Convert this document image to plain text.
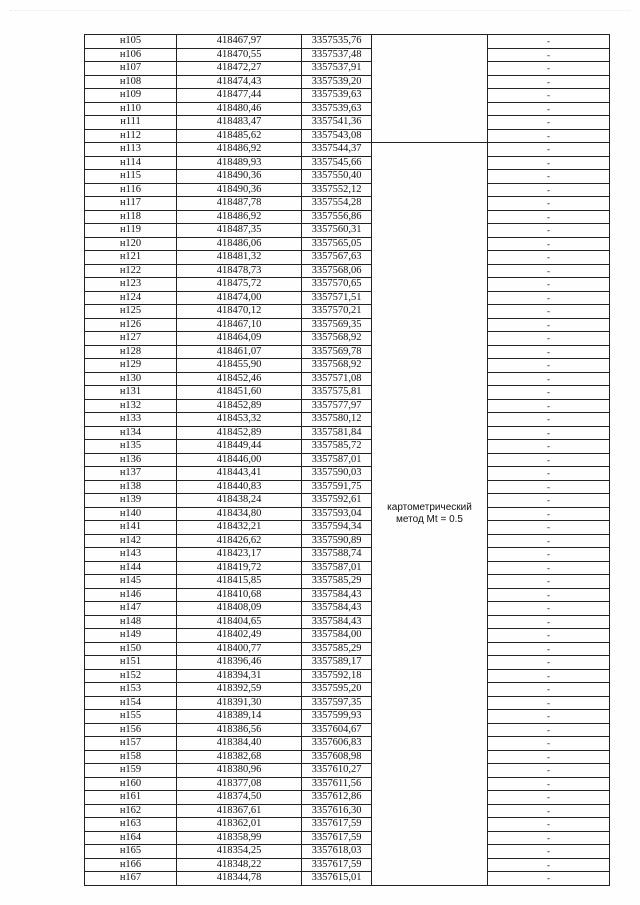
н105	418467,97	3357535,76		-
н106	418470,55	3357537,48		-
н107	418472,27	3357537,91		-
н108	418474,43	3357539,20		-
н109	418477,44	3357539,63		-
н110	418480,46	3357539,63		-
н111	418483,47	3357541,36		-
н112	418485,62	3357543,08		-
н113	418486,92	3357544,37	картометрический
метод Mt = 0.5	-
н114	418489,93	3357545,66		-
н115	418490,36	3357550,40		-
н116	418490,36	3357552,12		-
н117	418487,78	3357554,28		-
н118	418486,92	3357556,86		-
н119	418487,35	3357560,31		-
н120	418486,06	3357565,05		-
н121	418481,32	3357567,63		-
н122	418478,73	3357568,06		-
н123	418475,72	3357570,65		-
н124	418474,00	3357571,51		-
н125	418470,12	3357570,21		-
н126	418467,10	3357569,35		-
н127	418464,09	3357568,92		-
н128	418461,07	3357569,78		-
н129	418455,90	3357568,92		-
н130	418452,46	3357571,08		-
н131	418451,60	3357575,81		-
н132	418452,89	3357577,97		-
н133	418453,32	3357580,12		-
н134	418452,89	3357581,84		-
н135	418449,44	3357585,72		-
н136	418446,00	3357587,01		-
н137	418443,41	3357590,03		-
н138	418440,83	3357591,75		-
н139	418438,24	3357592,61		-
н140	418434,80	3357593,04		-
н141	418432,21	3357594,34		-
н142	418426,62	3357590,89		-
н143	418423,17	3357588,74		-
н144	418419,72	3357587,01		-
н145	418415,85	3357585,29		-
н146	418410,68	3357584,43		-
н147	418408,09	3357584,43		-
н148	418404,65	3357584,43		-
н149	418402,49	3357584,00		-
н150	418400,77	3357585,29		-
н151	418396,46	3357589,17		-
н152	418394,31	3357592,18		-
н153	418392,59	3357595,20		-
н154	418391,30	3357597,35		-
н155	418389,14	3357599,93		-
н156	418386,56	3357604,67		-
н157	418384,40	3357606,83		-
н158	418382,68	3357608,98		-
н159	418380,96	3357610,27		-
н160	418377,08	3357611,56		-
н161	418374,50	3357612,86		-
н162	418367,61	3357616,30		-
н163	418362,01	3357617,59		-
н164	418358,99	3357617,59		-
н165	418354,25	3357618,03		-
н166	418348,22	3357617,59		-
н167	418344,78	3357615,01		-
